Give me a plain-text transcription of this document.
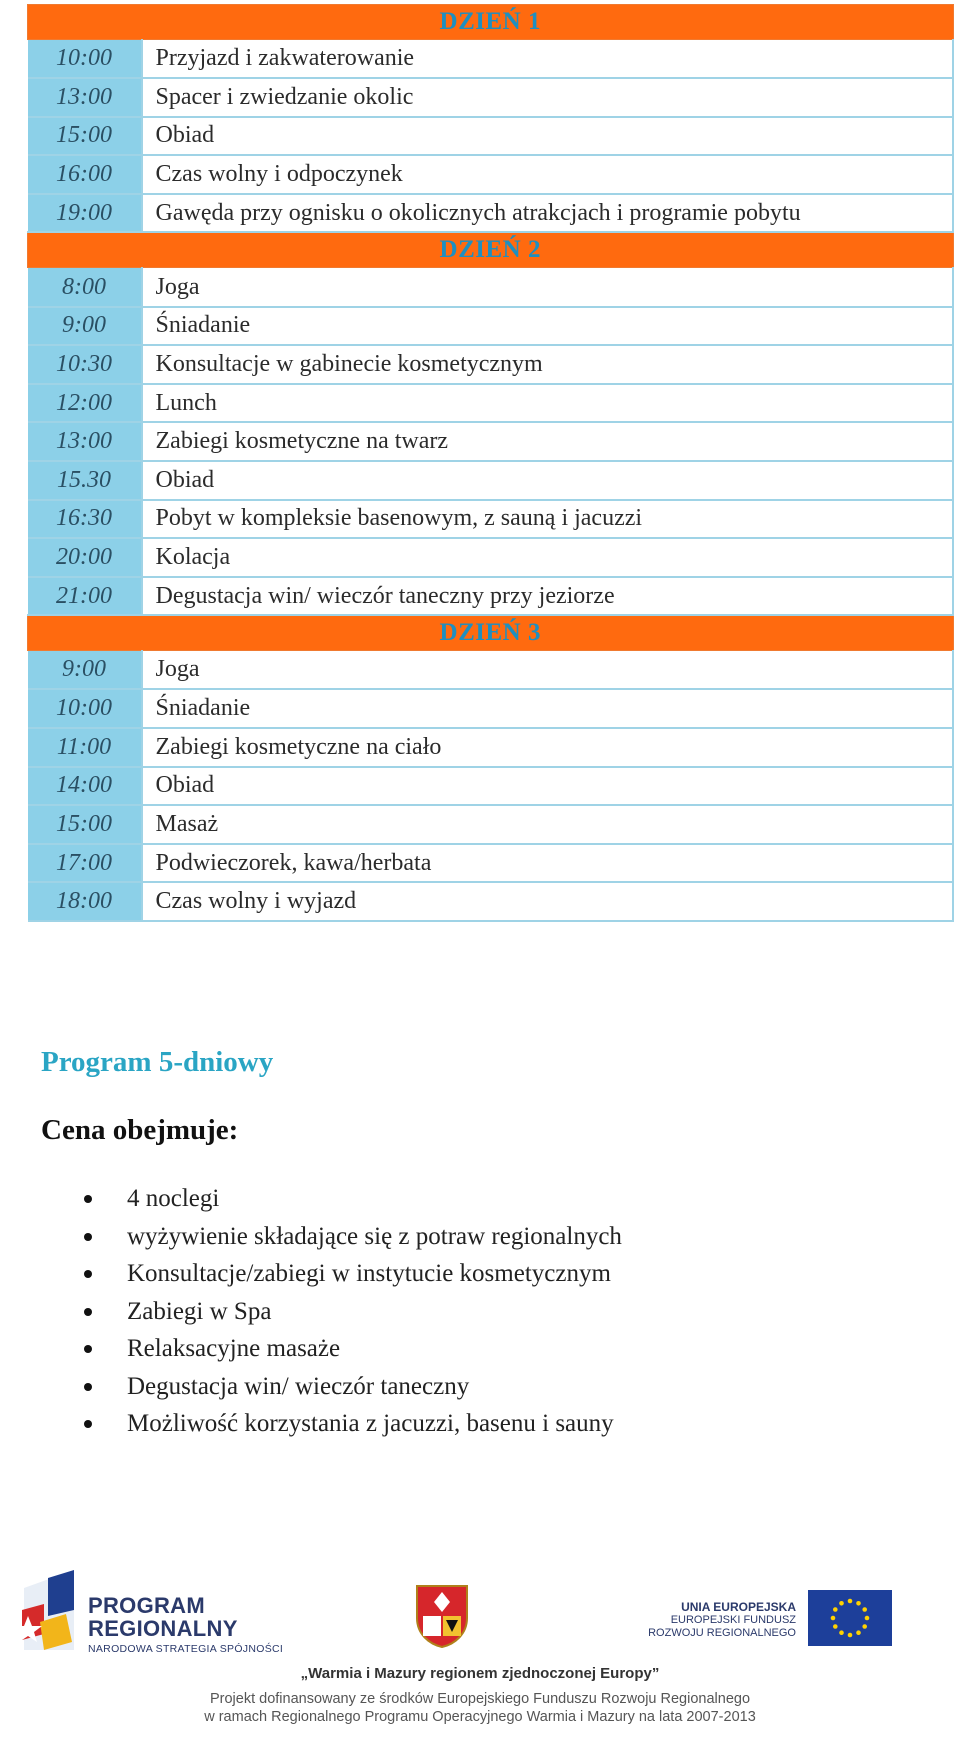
DZIEŃ 1	
10:00	Przyjazd i zakwaterowanie
13:00	Spacer i zwiedzanie okolic
15:00	Obiad
16:00	Czas wolny i odpoczynek
19:00	Gawęda przy ognisku o okolicznych atrakcjach i programie pobytu
DZIEŃ 2	
8:00	Joga
9:00	Śniadanie
10:30	Konsultacje w gabinecie kosmetycznym
12:00	Lunch
13:00	Zabiegi kosmetyczne na twarz
15.30	Obiad
16:30	Pobyt w kompleksie basenowym, z sauną i jacuzzi
20:00	Kolacja
21:00	Degustacja win/ wieczór taneczny przy jeziorze
DZIEŃ 3	
9:00	Joga
10:00	Śniadanie
11:00	Zabiegi kosmetyczne na ciało
14:00	Obiad
15:00	Masaż
17:00	Podwieczorek, kawa/herbata
18:00	Czas wolny i wyjazd
Program 5-dniowy
Cena obejmuje:
4 noclegi
wyżywienie składające się z potraw regionalnych
Konsultacje/zabiegi w instytucie kosmetycznym
Zabiegi w Spa
Relaksacyjne masaże
Degustacja win/ wieczór taneczny
Możliwość korzystania z jacuzzi, basenu i sauny
PROGRAM
REGIONALNY
NARODOWA STRATEGIA SPÓJNOŚCI
UNIA EUROPEJSKA
EUROPEJSKI FUNDUSZ
ROZWOJU REGIONALNEGO
„Warmia i Mazury regionem zjednoczonej Europy”
Projekt dofinansowany ze środków Europejskiego Funduszu Rozwoju Regionalnego
w ramach Regionalnego Programu Operacyjnego Warmia i Mazury na lata 2007-2013
